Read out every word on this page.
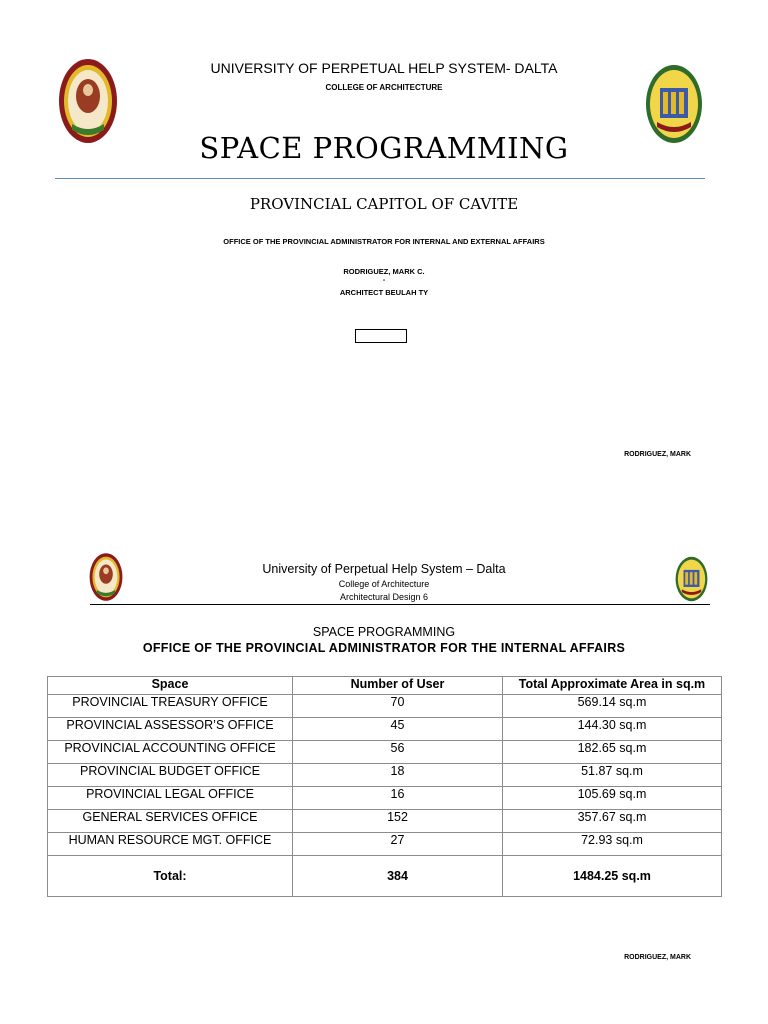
UNIVERSITY OF PERPETUAL HELP SYSTEM- DALTA
COLLEGE OF ARCHITECTURE
SPACE PROGRAMMING
PROVINCIAL CAPITOL OF CAVITE
OFFICE OF THE PROVINCIAL ADMINISTRATOR FOR INTERNAL AND EXTERNAL AFFAIRS
RODRIGUEZ, MARK C.
-
ARCHITECT BEULAH TY
RODRIGUEZ, MARK
University of Perpetual Help System – Dalta
College of Architecture
Architectural Design 6
SPACE PROGRAMMING
OFFICE OF THE PROVINCIAL ADMINISTRATOR FOR THE INTERNAL AFFAIRS
Space	Number of User	Total Approximate Area in sq.m
PROVINCIAL TREASURY OFFICE	70	569.14 sq.m
PROVINCIAL ASSESSOR’S OFFICE	45	144.30 sq.m
PROVINCIAL ACCOUNTING OFFICE	56	182.65 sq.m
PROVINCIAL BUDGET OFFICE	18	51.87 sq.m
PROVINCIAL LEGAL OFFICE	16	105.69 sq.m
GENERAL SERVICES OFFICE	152	357.67 sq.m
HUMAN RESOURCE MGT. OFFICE	27	72.93 sq.m
Total:	384	1484.25 sq.m
RODRIGUEZ, MARK
